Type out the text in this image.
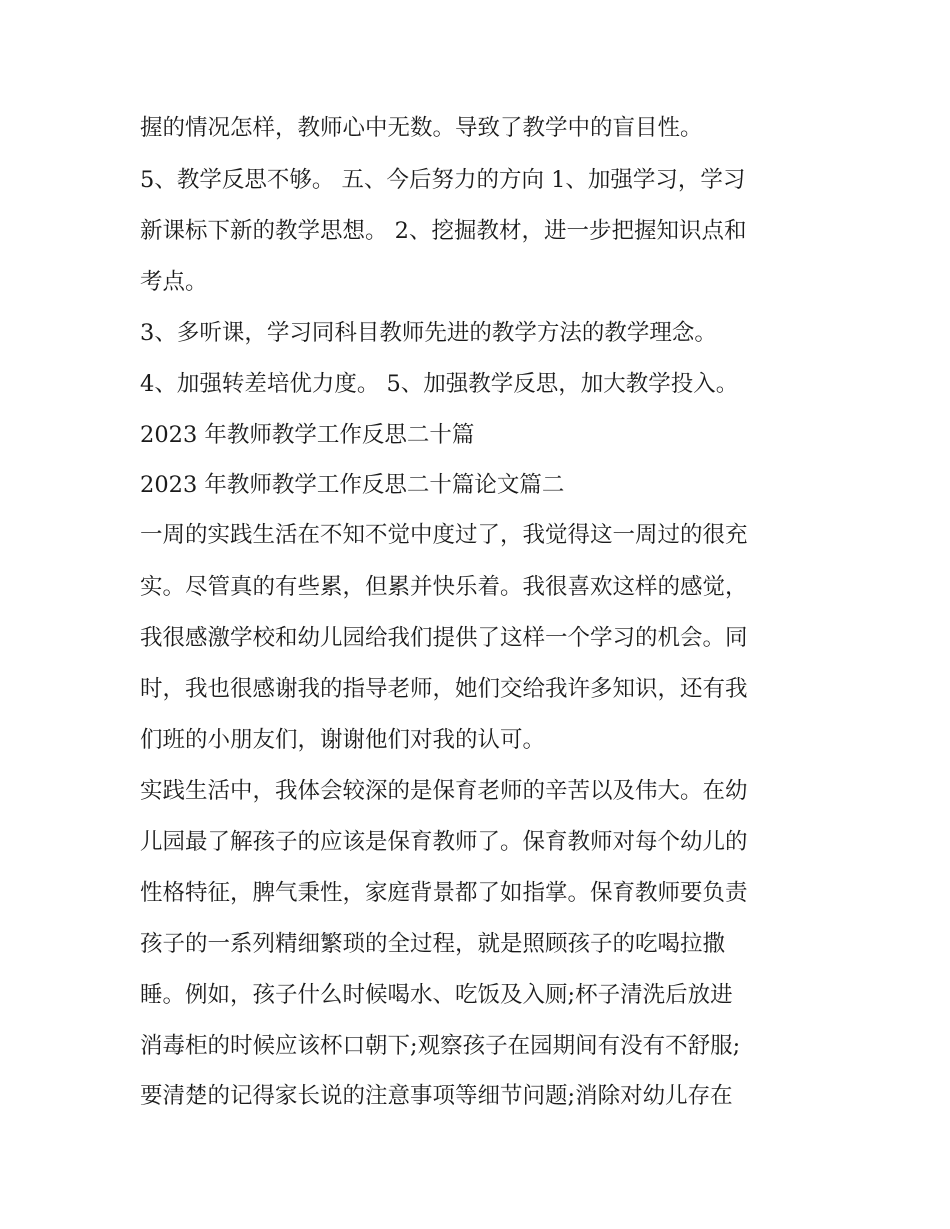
握的情况怎样，教师心中无数。导致了教学中的盲目性。
5、教学反思不够。 五、今后努力的方向 1、加强学习，学习
新课标下新的教学思想。 2、挖掘教材，进一步把握知识点和
考点。
3、多听课，学习同科目教师先进的教学方法的教学理念。
4、加强转差培优力度。 5、加强教学反思，加大教学投入。
2023 年教师教学工作反思二十篇
2023 年教师教学工作反思二十篇论文篇二
一周的实践生活在不知不觉中度过了，我觉得这一周过的很充
实。尽管真的有些累，但累并快乐着。我很喜欢这样的感觉，
我很感激学校和幼儿园给我们提供了这样一个学习的机会。同
时，我也很感谢我的指导老师，她们交给我许多知识，还有我
们班的小朋友们，谢谢他们对我的认可。
实践生活中，我体会较深的是保育老师的辛苦以及伟大。在幼
儿园最了解孩子的应该是保育教师了。保育教师对每个幼儿的
性格特征，脾气秉性，家庭背景都了如指掌。保育教师要负责
孩子的一系列精细繁琐的全过程，就是照顾孩子的吃喝拉撒
睡。例如，孩子什么时候喝水、吃饭及入厕;杯子清洗后放进
消毒柜的时候应该杯口朝下;观察孩子在园期间有没有不舒服;
要清楚的记得家长说的注意事项等细节问题;消除对幼儿存在
